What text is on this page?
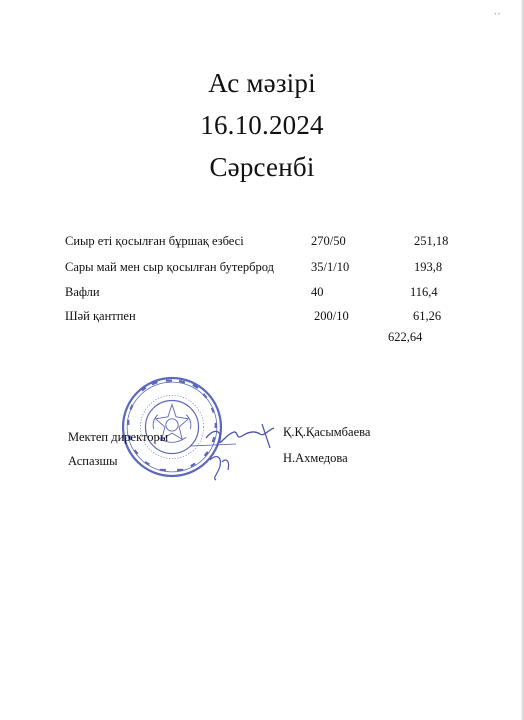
• •
Ас мәзірі
16.10.2024
Сәрсенбі
Сиыр еті қосылған бұршақ езбесі	270/50	251,18
Сары май мен сыр қосылған бутерброд	35/1/10	193,8
Вафли	40	116,4
Шәй қантпен	200/10	61,26
622,64
Мектеп директоры	Қ.Қ.Қасымбаева
Аспазшы	Н.Ахмедова
